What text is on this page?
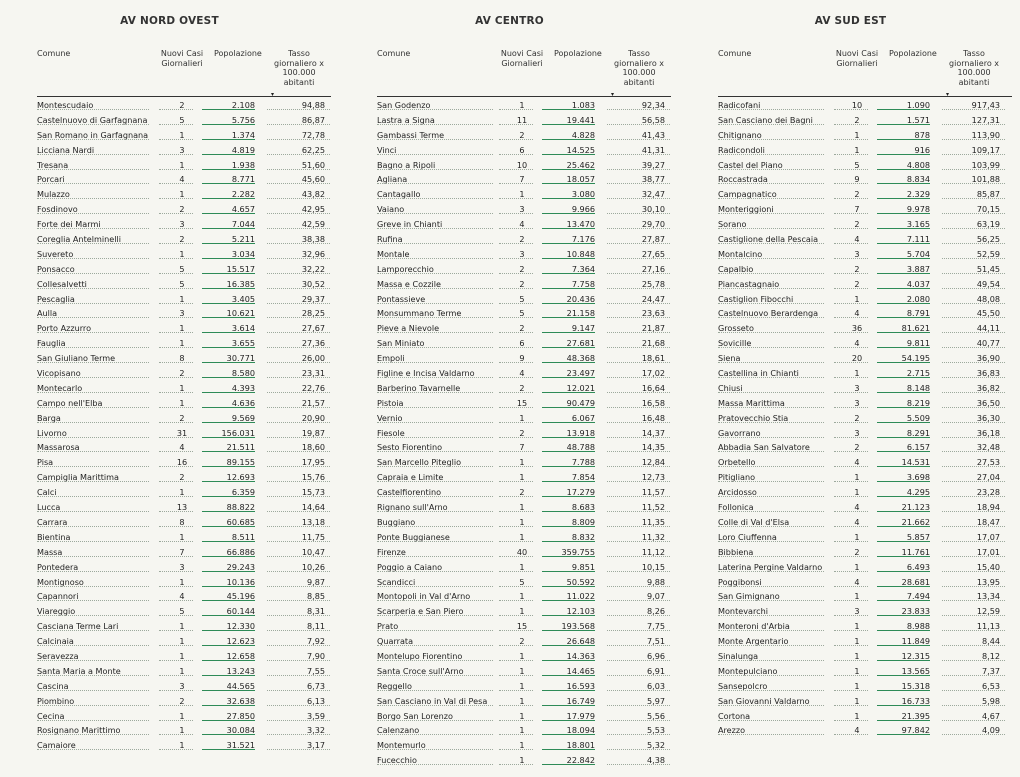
AV NORD OVEST
Comune	Nuovi Casi
Giornalieri
Popolazione	Tasso
giornaliero x
100.000
abitanti
▾
Montescudaio	2	2.108	94,88
Castelnuovo di Garfagnana	5	5.756	86,87
San Romano in Garfagnana	1	1.374	72,78
Licciana Nardi	3	4.819	62,25
Tresana	1	1.938	51,60
Porcari	4	8.771	45,60
Mulazzo	1	2.282	43,82
Fosdinovo	2	4.657	42,95
Forte dei Marmi	3	7.044	42,59
Coreglia Antelminelli	2	5.211	38,38
Suvereto	1	3.034	32,96
Ponsacco	5	15.517	32,22
Collesalvetti	5	16.385	30,52
Pescaglia	1	3.405	29,37
Aulla	3	10.621	28,25
Porto Azzurro	1	3.614	27,67
Fauglia	1	3.655	27,36
San Giuliano Terme	8	30.771	26,00
Vicopisano	2	8.580	23,31
Montecarlo	1	4.393	22,76
Campo nell'Elba	1	4.636	21,57
Barga	2	9.569	20,90
Livorno	31	156.031	19,87
Massarosa	4	21.511	18,60
Pisa	16	89.155	17,95
Campiglia Marittima	2	12.693	15,76
Calci	1	6.359	15,73
Lucca	13	88.822	14,64
Carrara	8	60.685	13,18
Bientina	1	8.511	11,75
Massa	7	66.886	10,47
Pontedera	3	29.243	10,26
Montignoso	1	10.136	9,87
Capannori	4	45.196	8,85
Viareggio	5	60.144	8,31
Casciana Terme Lari	1	12.330	8,11
Calcinaia	1	12.623	7,92
Seravezza	1	12.658	7,90
Santa Maria a Monte	1	13.243	7,55
Cascina	3	44.565	6,73
Piombino	2	32.638	6,13
Cecina	1	27.850	3,59
Rosignano Marittimo	1	30.084	3,32
Camaiore	1	31.521	3,17
AV CENTRO
Comune	Nuovi Casi
Giornalieri
Popolazione	Tasso
giornaliero x
100.000
abitanti
▾
San Godenzo	1	1.083	92,34
Lastra a Signa	11	19.441	56,58
Gambassi Terme	2	4.828	41,43
Vinci	6	14.525	41,31
Bagno a Ripoli	10	25.462	39,27
Agliana	7	18.057	38,77
Cantagallo	1	3.080	32,47
Vaiano	3	9.966	30,10
Greve in Chianti	4	13.470	29,70
Rufina	2	7.176	27,87
Montale	3	10.848	27,65
Lamporecchio	2	7.364	27,16
Massa e Cozzile	2	7.758	25,78
Pontassieve	5	20.436	24,47
Monsummano Terme	5	21.158	23,63
Pieve a Nievole	2	9.147	21,87
San Miniato	6	27.681	21,68
Empoli	9	48.368	18,61
Figline e Incisa Valdarno	4	23.497	17,02
Barberino Tavarnelle	2	12.021	16,64
Pistoia	15	90.479	16,58
Vernio	1	6.067	16,48
Fiesole	2	13.918	14,37
Sesto Fiorentino	7	48.788	14,35
San Marcello Piteglio	1	7.788	12,84
Capraia e Limite	1	7.854	12,73
Castelfiorentino	2	17.279	11,57
Rignano sull'Arno	1	8.683	11,52
Buggiano	1	8.809	11,35
Ponte Buggianese	1	8.832	11,32
Firenze	40	359.755	11,12
Poggio a Caiano	1	9.851	10,15
Scandicci	5	50.592	9,88
Montopoli in Val d'Arno	1	11.022	9,07
Scarperia e San Piero	1	12.103	8,26
Prato	15	193.568	7,75
Quarrata	2	26.648	7,51
Montelupo Fiorentino	1	14.363	6,96
Santa Croce sull'Arno	1	14.465	6,91
Reggello	1	16.593	6,03
San Casciano in Val di Pesa	1	16.749	5,97
Borgo San Lorenzo	1	17.979	5,56
Calenzano	1	18.094	5,53
Montemurlo	1	18.801	5,32
Fucecchio	1	22.842	4,38
AV SUD EST
Comune	Nuovi Casi
Giornalieri
Popolazione	Tasso
giornaliero x
100.000
abitanti
▾
Radicofani	10	1.090	917,43
San Casciano dei Bagni	2	1.571	127,31
Chitignano	1	878	113,90
Radicondoli	1	916	109,17
Castel del Piano	5	4.808	103,99
Roccastrada	9	8.834	101,88
Campagnatico	2	2.329	85,87
Monteriggioni	7	9.978	70,15
Sorano	2	3.165	63,19
Castiglione della Pescaia	4	7.111	56,25
Montalcino	3	5.704	52,59
Capalbio	2	3.887	51,45
Piancastagnaio	2	4.037	49,54
Castiglion Fibocchi	1	2.080	48,08
Castelnuovo Berardenga	4	8.791	45,50
Grosseto	36	81.621	44,11
Sovicille	4	9.811	40,77
Siena	20	54.195	36,90
Castellina in Chianti	1	2.715	36,83
Chiusi	3	8.148	36,82
Massa Marittima	3	8.219	36,50
Pratovecchio Stia	2	5.509	36,30
Gavorrano	3	8.291	36,18
Abbadia San Salvatore	2	6.157	32,48
Orbetello	4	14.531	27,53
Pitigliano	1	3.698	27,04
Arcidosso	1	4.295	23,28
Follonica	4	21.123	18,94
Colle di Val d'Elsa	4	21.662	18,47
Loro Ciuffenna	1	5.857	17,07
Bibbiena	2	11.761	17,01
Laterina Pergine Valdarno	1	6.493	15,40
Poggibonsi	4	28.681	13,95
San Gimignano	1	7.494	13,34
Montevarchi	3	23.833	12,59
Monteroni d'Arbia	1	8.988	11,13
Monte Argentario	1	11.849	8,44
Sinalunga	1	12.315	8,12
Montepulciano	1	13.565	7,37
Sansepolcro	1	15.318	6,53
San Giovanni Valdarno	1	16.733	5,98
Cortona	1	21.395	4,67
Arezzo	4	97.842	4,09
